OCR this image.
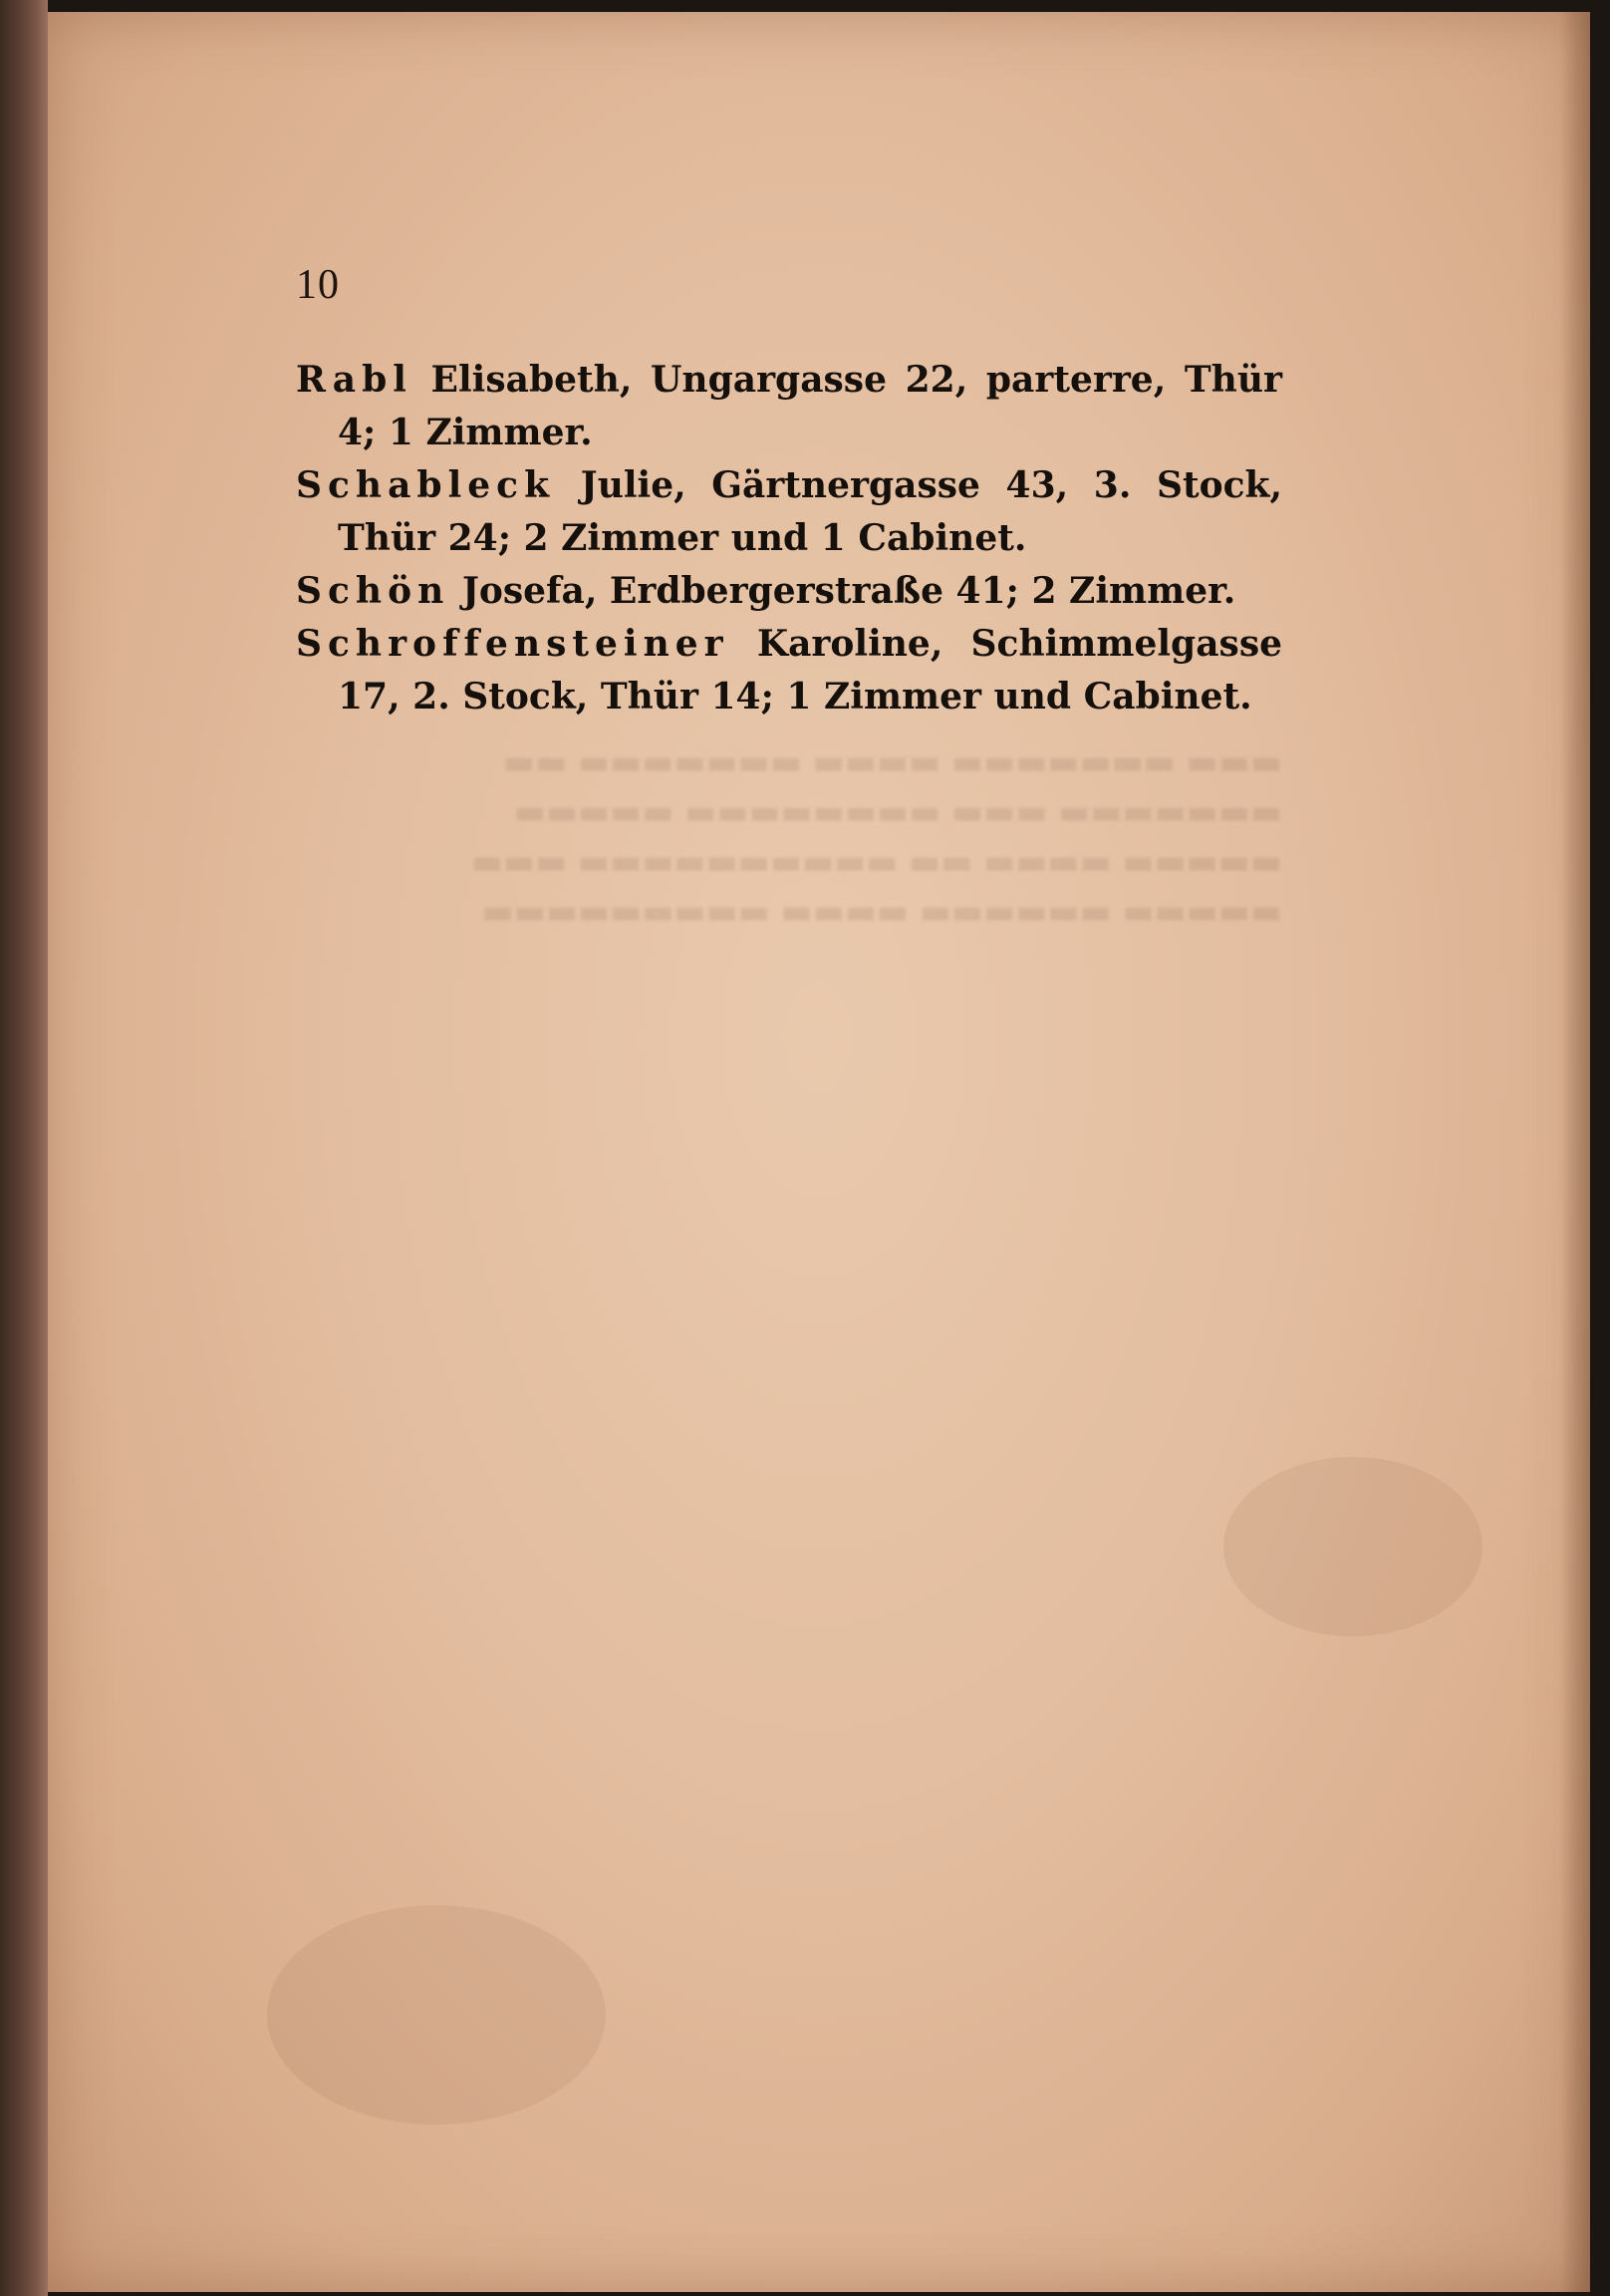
▬▬▬ ▬▬▬▬▬▬▬ ▬▬▬▬ ▬▬▬▬▬▬▬ ▬▬

▬▬▬▬▬▬▬ ▬▬▬ ▬▬▬▬▬▬▬▬ ▬▬▬▬▬

▬▬▬▬▬ ▬▬▬▬ ▬▬ ▬▬▬▬▬▬▬▬▬▬ ▬▬▬

▬▬▬▬▬ ▬▬▬▬▬▬ ▬▬▬▬ ▬▬▬▬▬▬▬▬▬

10

Rabl Elisabeth, Ungargasse 22, parterre, Thür 4; 1 Zimmer.

Schableck Julie, Gärtnergasse 43, 3. Stock, Thür 24; 2 Zimmer und 1 Cabinet.

Schön Josefa, Erdbergerstraße 41; 2 Zimmer.

Schroffensteiner Karoline, Schimmelgasse 17, 2. Stock, Thür 14; 1 Zimmer und Cabinet.
